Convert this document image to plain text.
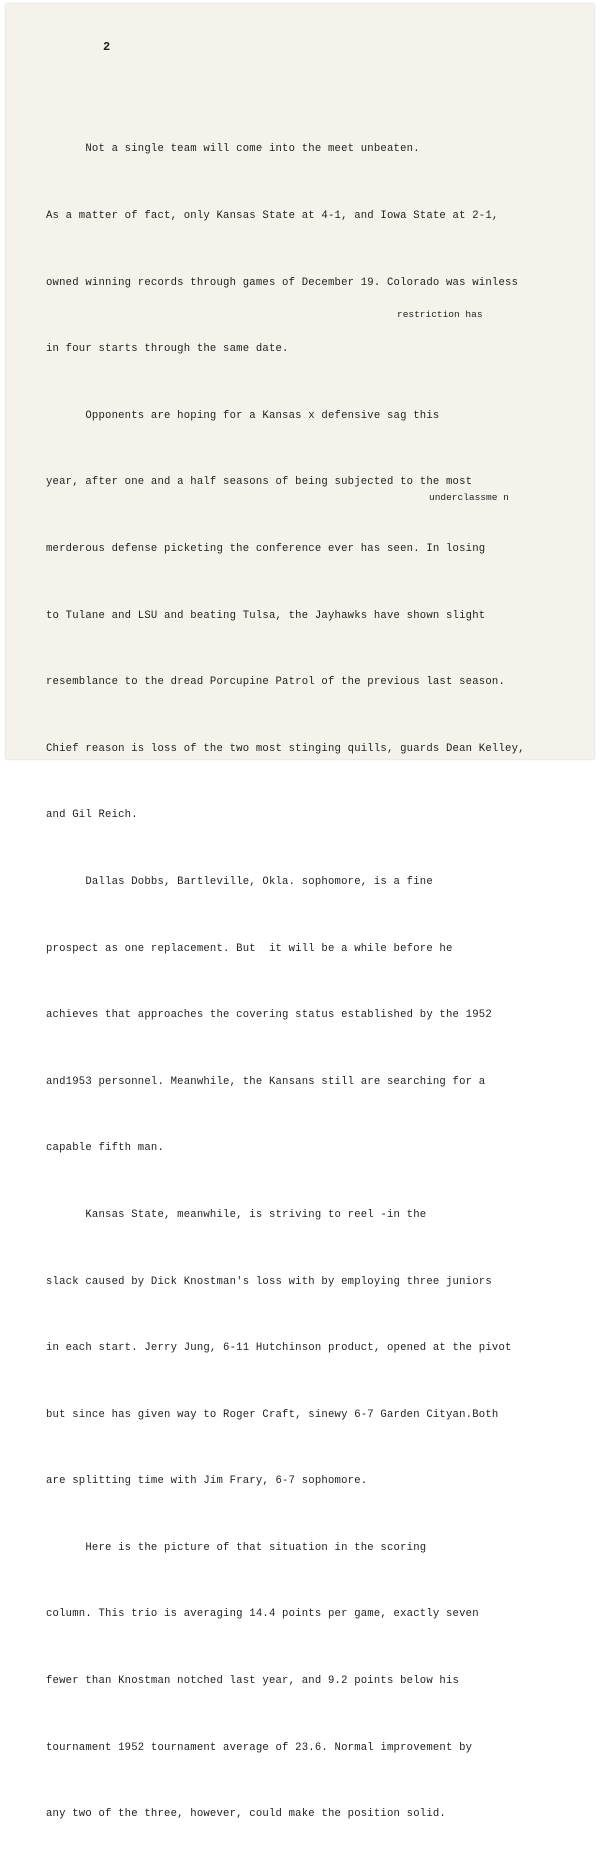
2
restriction has
underclassme n

Not a single team will come into the meet unbeaten.

As a matter of fact, only Kansas State at 4-1, and Iowa State at 2-1,

owned winning records through games of December 19. Colorado was winless

in four starts through the same date.

Opponents are hoping for a Kansas x defensive sag this

year, after one and a half seasons of being subjected to the most

merderous defense picketing the conference ever has seen. In losing

to Tulane and LSU and beating Tulsa, the Jayhawks have shown slight

resemblance to the dread Porcupine Patrol of the previous last season.

Chief reason is loss of the two most stinging quills, guards Dean Kelley,

and Gil Reich.

Dallas Dobbs, Bartleville, Okla. sophomore, is a fine

prospect as one replacement. But  it will be a while before he

achieves that approaches the covering status established by the 1952

and1953 personnel. Meanwhile, the Kansans still are searching for a

capable fifth man.

Kansas State, meanwhile, is striving to reel -in the

slack caused by Dick Knostman's loss with by employing three juniors

in each start. Jerry Jung, 6-11 Hutchinson product, opened at the pivot

but since has given way to Roger Craft, sinewy 6-7 Garden Cityan.Both

are splitting time with Jim Frary, 6-7 sophomore.

Here is the picture of that situation in the scoring

column. This trio is averaging 14.4 points per game, exactly seven

fewer than Knostman notched last year, and 9.2 points below his

tournament 1952 tournament average of 23.6. Normal improvement by

any two of the three, however, could make the position solid.
